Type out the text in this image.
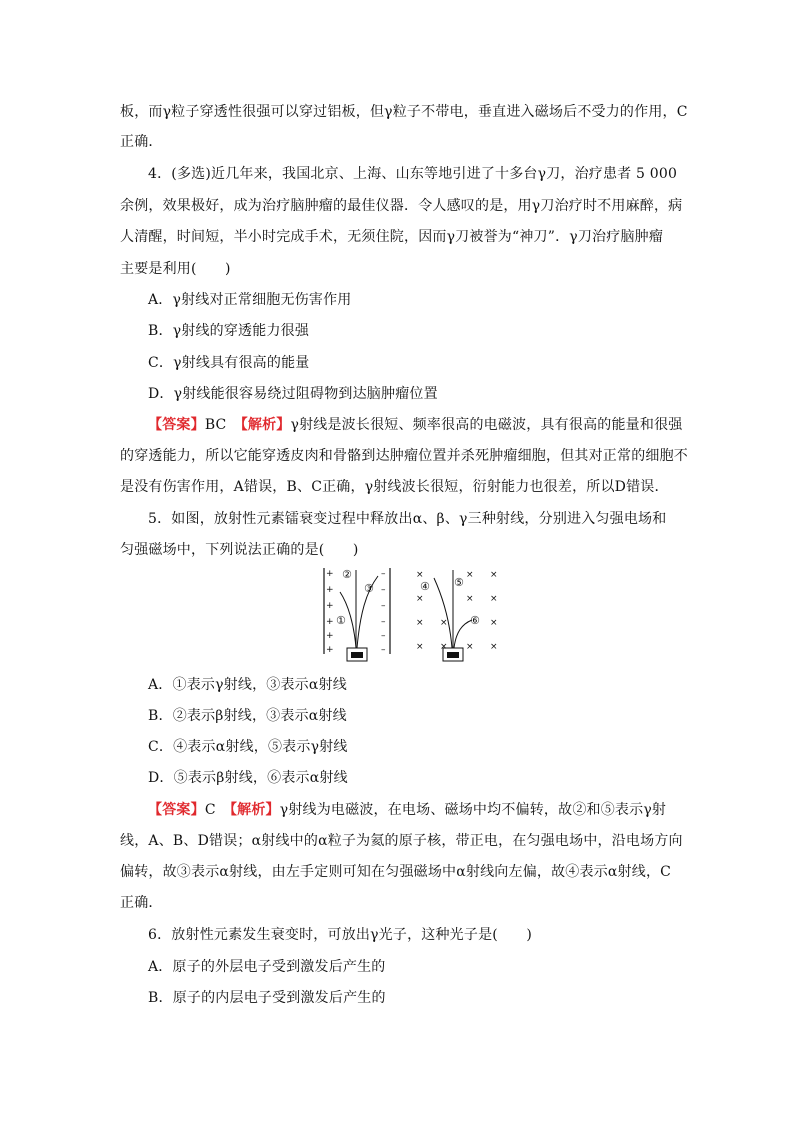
板，而γ粒子穿透性很强可以穿过铝板，但γ粒子不带电，垂直进入磁场后不受力的作用，C
正确．
4．(多选)近几年来，我国北京、上海、山东等地引进了十多台γ刀，治疗患者 5 000
余例，效果极好，成为治疗脑肿瘤的最佳仪器．令人感叹的是，用γ刀治疗时不用麻醉，病
人清醒，时间短，半小时完成手术，无须住院，因而γ刀被誉为“神刀”．γ刀治疗脑肿瘤
主要是利用(　　)
A．γ射线对正常细胞无伤害作用
B．γ射线的穿透能力很强
C．γ射线具有很高的能量
D．γ射线能很容易绕过阻碍物到达脑肿瘤位置
【答案】BC　【解析】γ射线是波长很短、频率很高的电磁波，具有很高的能量和很强
的穿透能力，所以它能穿透皮肉和骨骼到达肿瘤位置并杀死肿瘤细胞，但其对正常的细胞不
是没有伤害作用，A错误，B、C正确，γ射线波长很短，衍射能力也很差，所以D错误．
5．如图，放射性元素镭衰变过程中释放出α、β、γ三种射线，分别进入匀强电场和
匀强磁场中，下列说法正确的是(　　)
+
+
+
+
+
+
–
–
–
–
–
–
①
②
③
×	× ×
×	× ×
× ×	×
× × × ×
④ ⑤
⑥
A．①表示γ射线，③表示α射线
B．②表示β射线，③表示α射线
C．④表示α射线，⑤表示γ射线
D．⑤表示β射线，⑥表示α射线
【答案】C　【解析】γ射线为电磁波，在电场、磁场中均不偏转，故②和⑤表示γ射
线，A、B、D错误；α射线中的α粒子为氦的原子核，带正电，在匀强电场中，沿电场方向
偏转，故③表示α射线，由左手定则可知在匀强磁场中α射线向左偏，故④表示α射线，C
正确．
6．放射性元素发生衰变时，可放出γ光子，这种光子是(　　)
A．原子的外层电子受到激发后产生的
B．原子的内层电子受到激发后产生的
